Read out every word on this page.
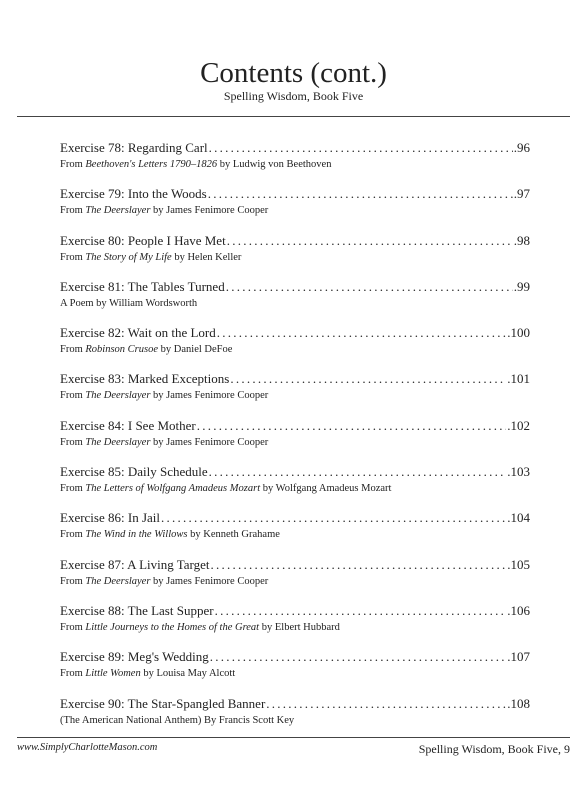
Contents (cont.)
Spelling Wisdom, Book Five
Exercise 78: Regarding Carl . . .	.96
From Beethoven's Letters 1790–1826 by Ludwig von Beethoven
Exercise 79: Into the Woods . . .	.97
From The Deerslayer by James Fenimore Cooper
Exercise 80: People I Have Met . . .	.98
From The Story of My Life by Helen Keller
Exercise 81: The Tables Turned . . .	.99
A Poem by William Wordsworth
Exercise 82: Wait on the Lord . . .	.100
From Robinson Crusoe by Daniel DeFoe
Exercise 83: Marked Exceptions . . .	.101
From The Deerslayer by James Fenimore Cooper
Exercise 84: I See Mother . . .	.102
From The Deerslayer by James Fenimore Cooper
Exercise 85: Daily Schedule . . .	.103
From The Letters of Wolfgang Amadeus Mozart by Wolfgang Amadeus Mozart
Exercise 86: In Jail . . .	.104
From The Wind in the Willows by Kenneth Grahame
Exercise 87: A Living Target . . .	.105
From The Deerslayer by James Fenimore Cooper
Exercise 88: The Last Supper . . .	.106
From Little Journeys to the Homes of the Great by Elbert Hubbard
Exercise 89: Meg's Wedding . . .	.107
From Little Women by Louisa May Alcott
Exercise 90: The Star-Spangled Banner . . .	.108
(The American National Anthem) By Francis Scott Key
www.SimplyCharlotteMason.com	Spelling Wisdom, Book Five, 9
